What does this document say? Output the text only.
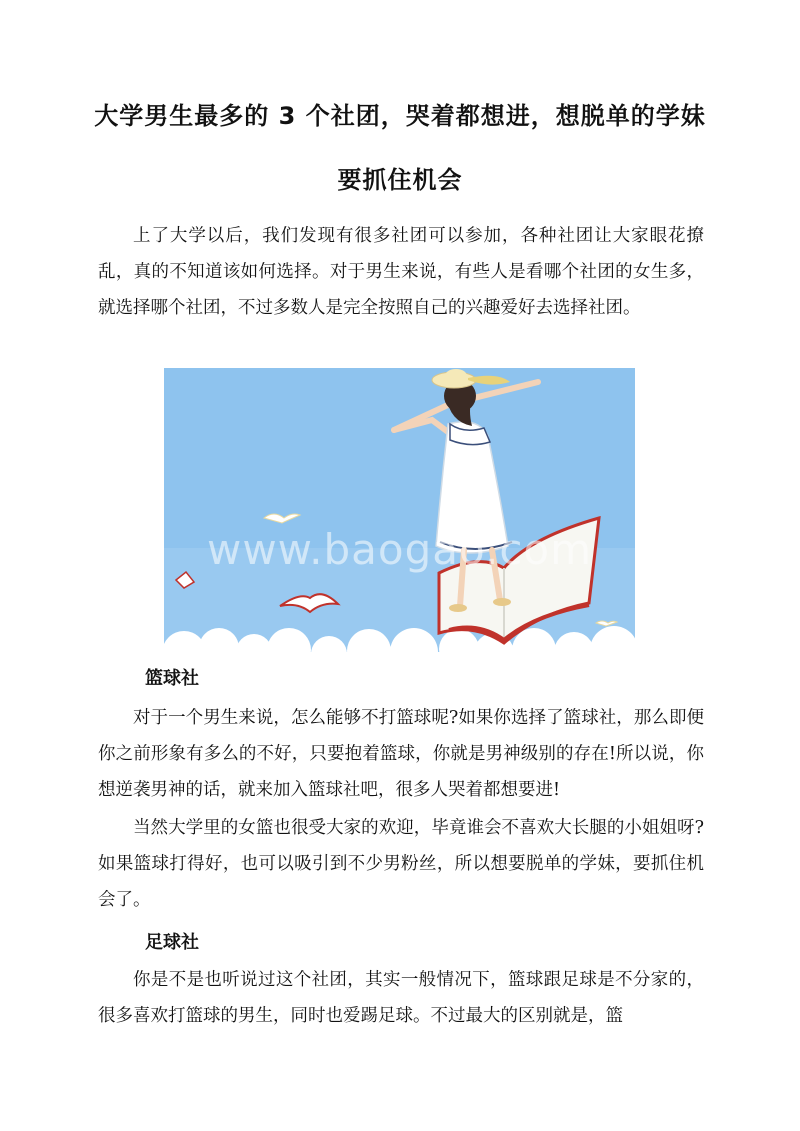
大学男生最多的 3 个社团，哭着都想进，想脱单的学妹
要抓住机会

上了大学以后，我们发现有很多社团可以参加，各种社团让大家眼花撩乱，真的不知道该如何选择。对于男生来说，有些人是看哪个社团的女生多，就选择哪个社团，不过多数人是完全按照自己的兴趣爱好去选择社团。

www.baogao.com
篮球社

对于一个男生来说，怎么能够不打篮球呢?如果你选择了篮球社，那么即便你之前形象有多么的不好，只要抱着篮球，你就是男神级别的存在!所以说，你想逆袭男神的话，就来加入篮球社吧，很多人哭着都想要进!

当然大学里的女篮也很受大家的欢迎，毕竟谁会不喜欢大长腿的小姐姐呀?如果篮球打得好，也可以吸引到不少男粉丝，所以想要脱单的学妹，要抓住机会了。

足球社

你是不是也听说过这个社团，其实一般情况下，篮球跟足球是不分家的，很多喜欢打篮球的男生，同时也爱踢足球。不过最大的区别就是，篮
